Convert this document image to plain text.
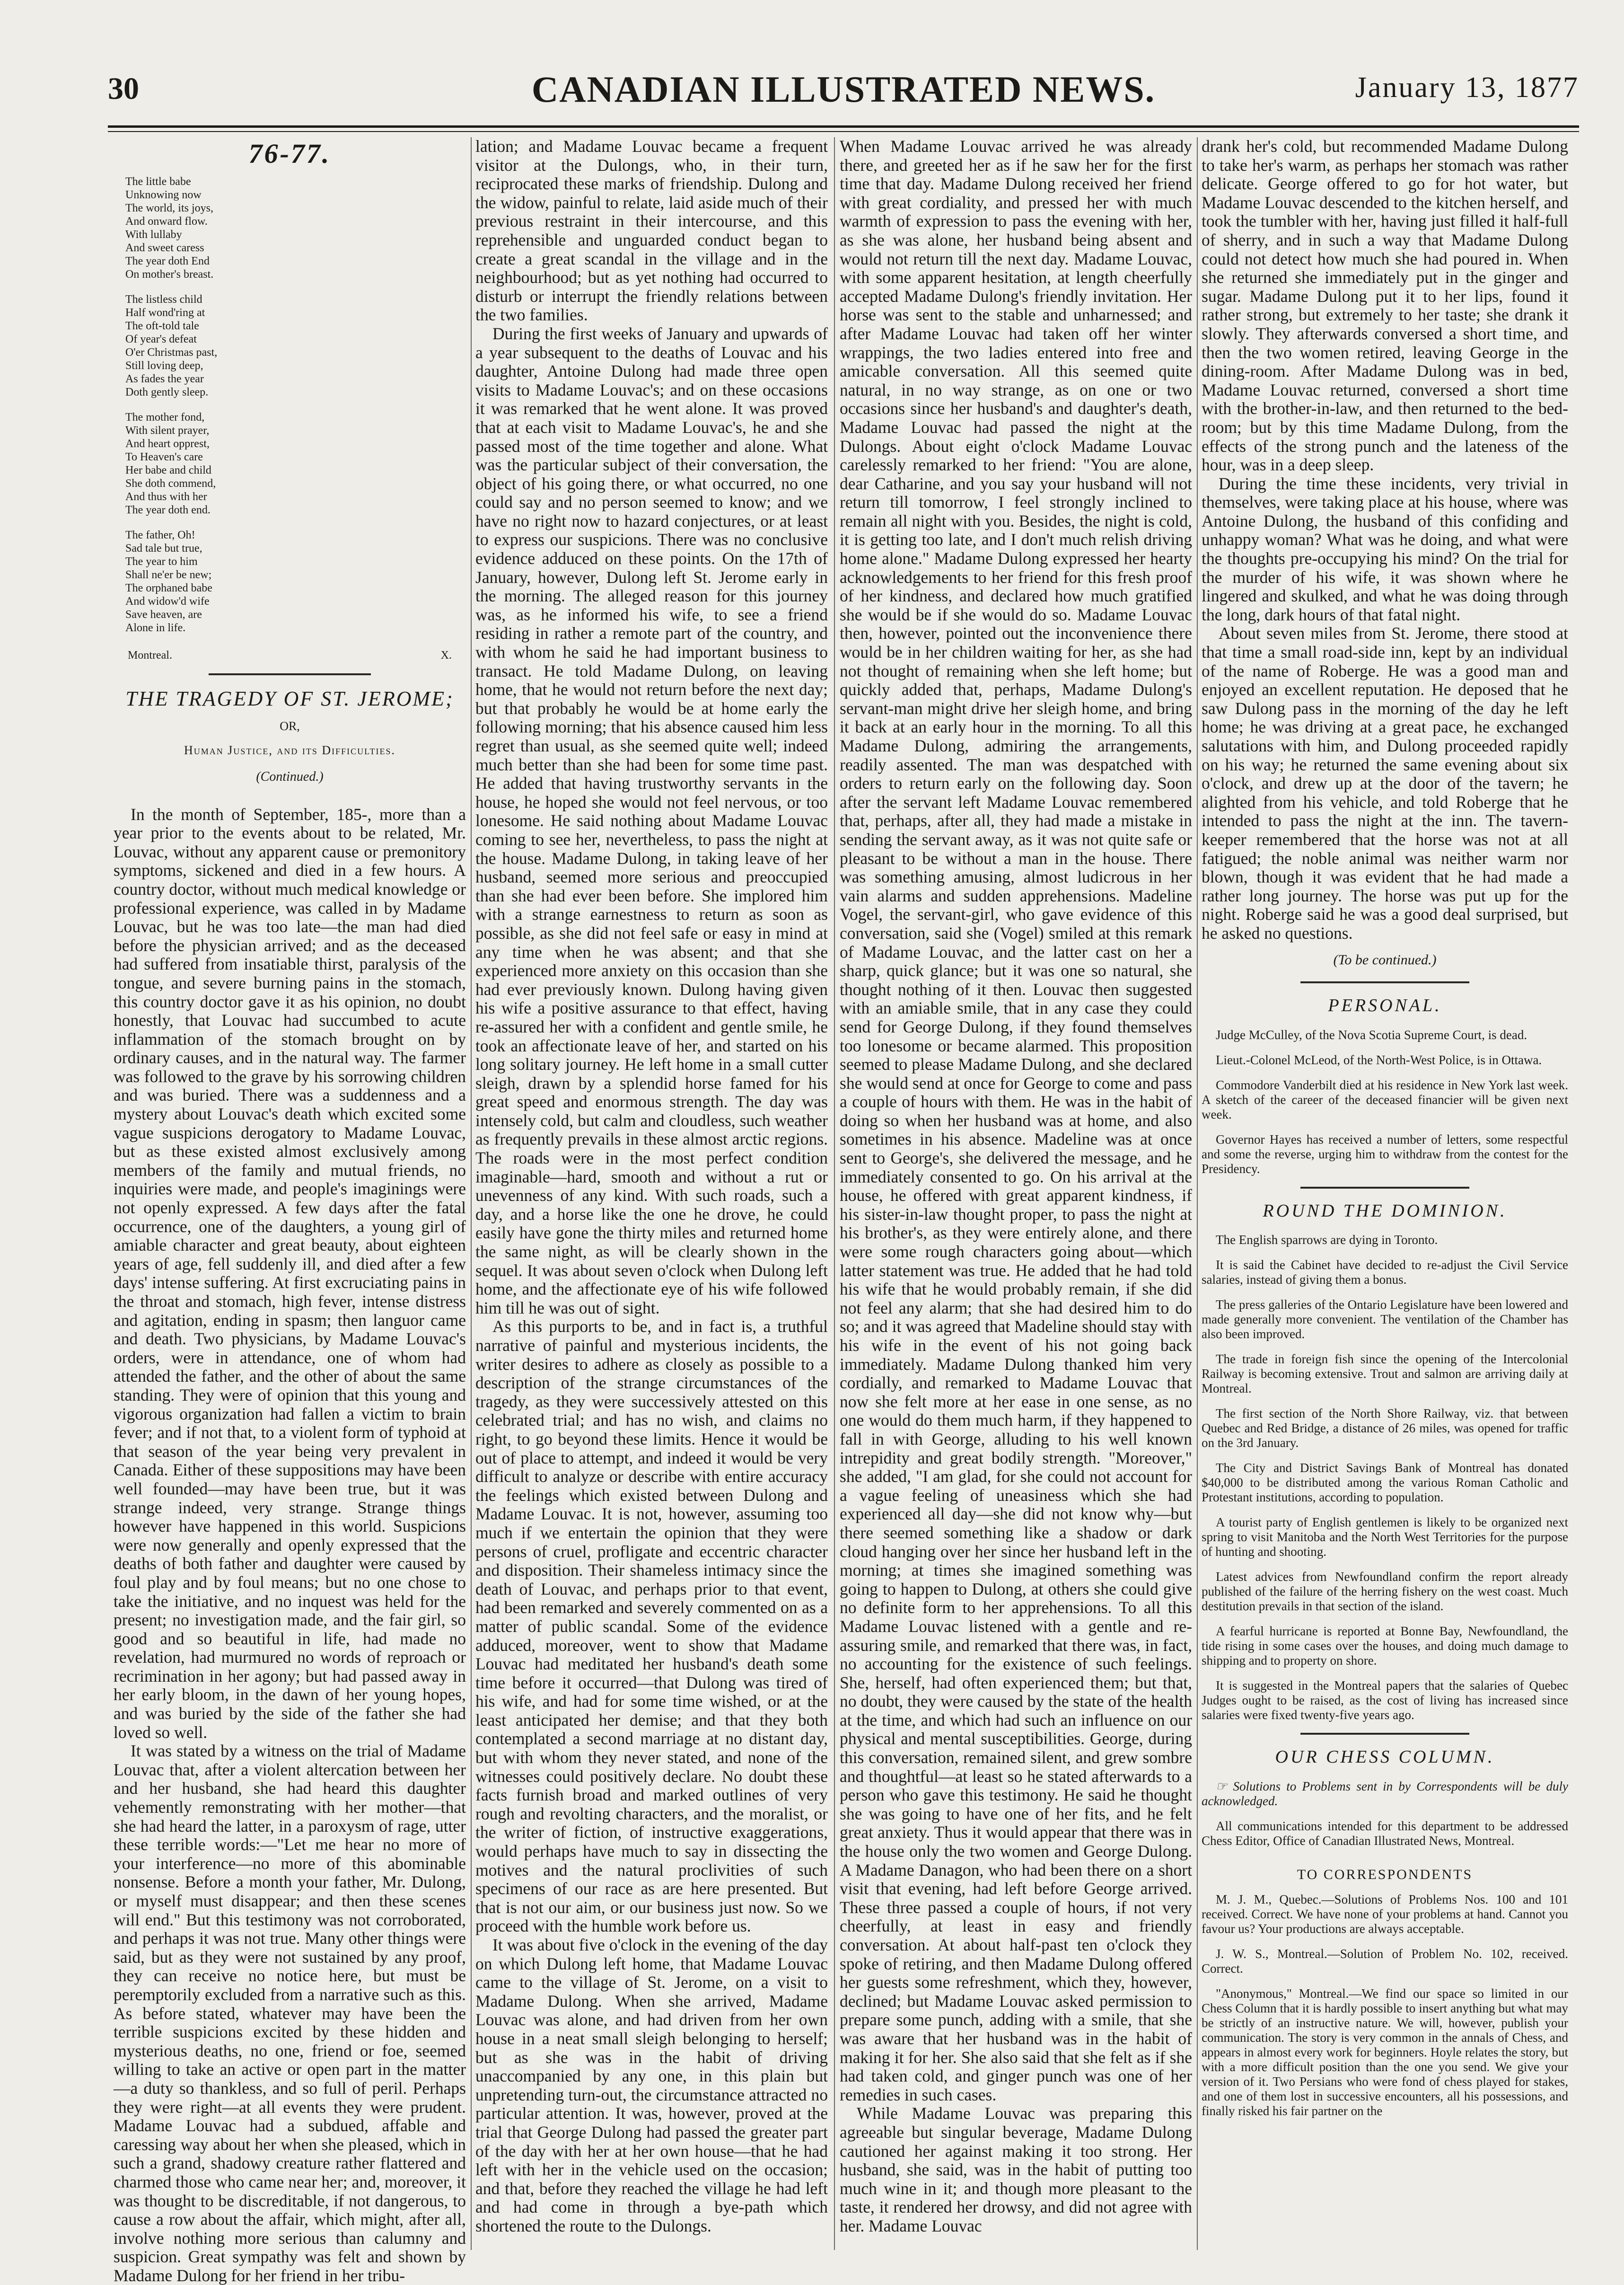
30	CANADIAN ILLUSTRATED NEWS.	January 13, 1877
76-77.
The little babe
Unknowing now
The world, its joys,
And onward flow.
With lullaby
And sweet caress
The year doth End
On mother's breast.
The listless child
Half wond'ring at
The oft-told tale
Of year's defeat
O'er Christmas past,
Still loving deep,
As fades the year
Doth gently sleep.
The mother fond,
With silent prayer,
And heart opprest,
To Heaven's care
Her babe and child
She doth commend,
And thus with her
The year doth end.
The father, Oh!
Sad tale but true,
The year to him
Shall ne'er be new;
The orphaned babe
And widow'd wife
Save heaven, are
Alone in life.
Montreal.	X.
THE TRAGEDY OF ST. JEROME;
OR,
Human Justice, and its Difficulties.
(Continued.)

In the month of September, 185-, more than a year prior to the events about to be related, Mr. Louvac, without any apparent cause or premonitory symptoms, sickened and died in a few hours. A country doctor, without much medical knowledge or professional experience, was called in by Madame Louvac, but he was too late—the man had died before the physician arrived; and as the deceased had suffered from insatiable thirst, paralysis of the tongue, and severe burning pains in the stomach, this country doctor gave it as his opinion, no doubt honestly, that Louvac had succumbed to acute inflammation of the stomach brought on by ordinary causes, and in the natural way. The farmer was followed to the grave by his sorrowing children and was buried. There was a suddenness and a mystery about Louvac's death which excited some vague suspicions derogatory to Madame Louvac, but as these existed almost exclusively among members of the family and mutual friends, no inquiries were made, and people's imaginings were not openly expressed. A few days after the fatal occurrence, one of the daughters, a young girl of amiable character and great beauty, about eighteen years of age, fell suddenly ill, and died after a few days' intense suffering. At first excruciating pains in the throat and stomach, high fever, intense distress and agitation, ending in spasm; then languor came and death. Two physicians, by Madame Louvac's orders, were in attendance, one of whom had attended the father, and the other of about the same standing. They were of opinion that this young and vigorous organization had fallen a victim to brain fever; and if not that, to a violent form of typhoid at that season of the year being very prevalent in Canada. Either of these suppositions may have been well founded—may have been true, but it was strange indeed, very strange. Strange things however have happened in this world. Suspicions were now generally and openly expressed that the deaths of both father and daughter were caused by foul play and by foul means; but no one chose to take the initiative, and no inquest was held for the present; no investigation made, and the fair girl, so good and so beautiful in life, had made no revelation, had murmured no words of reproach or recrimination in her agony; but had passed away in her early bloom, in the dawn of her young hopes, and was buried by the side of the father she had loved so well.

It was stated by a witness on the trial of Madame Louvac that, after a violent altercation between her and her husband, she had heard this daughter vehemently remonstrating with her mother—that she had heard the latter, in a paroxysm of rage, utter these terrible words:—"Let me hear no more of your interference—no more of this abominable nonsense. Before a month your father, Mr. Dulong, or myself must disappear; and then these scenes will end." But this testimony was not corroborated, and perhaps it was not true. Many other things were said, but as they were not sustained by any proof, they can receive no notice here, but must be peremptorily excluded from a narrative such as this. As before stated, whatever may have been the terrible suspicions excited by these hidden and mysterious deaths, no one, friend or foe, seemed willing to take an active or open part in the matter—a duty so thankless, and so full of peril. Perhaps they were right—at all events they were prudent. Madame Louvac had a subdued, affable and caressing way about her when she pleased, which in such a grand, shadowy creature rather flattered and charmed those who came near her; and, moreover, it was thought to be discreditable, if not dangerous, to cause a row about the affair, which might, after all, involve nothing more serious than calumny and suspicion. Great sympathy was felt and shown by Madame Dulong for her friend in her tribu-

lation; and Madame Louvac became a frequent visitor at the Dulongs, who, in their turn, reciprocated these marks of friendship. Dulong and the widow, painful to relate, laid aside much of their previous restraint in their intercourse, and this reprehensible and unguarded conduct began to create a great scandal in the village and in the neighbourhood; but as yet nothing had occurred to disturb or interrupt the friendly relations between the two families.

During the first weeks of January and upwards of a year subsequent to the deaths of Louvac and his daughter, Antoine Dulong had made three open visits to Madame Louvac's; and on these occasions it was remarked that he went alone. It was proved that at each visit to Madame Louvac's, he and she passed most of the time together and alone. What was the particular subject of their conversation, the object of his going there, or what occurred, no one could say and no person seemed to know; and we have no right now to hazard conjectures, or at least to express our suspicions. There was no conclusive evidence adduced on these points. On the 17th of January, however, Dulong left St. Jerome early in the morning. The alleged reason for this journey was, as he informed his wife, to see a friend residing in rather a remote part of the country, and with whom he said he had important business to transact. He told Madame Dulong, on leaving home, that he would not return before the next day; but that probably he would be at home early the following morning; that his absence caused him less regret than usual, as she seemed quite well; indeed much better than she had been for some time past. He added that having trustworthy servants in the house, he hoped she would not feel nervous, or too lonesome. He said nothing about Madame Louvac coming to see her, nevertheless, to pass the night at the house. Madame Dulong, in taking leave of her husband, seemed more serious and preoccupied than she had ever been before. She implored him with a strange earnestness to return as soon as possible, as she did not feel safe or easy in mind at any time when he was absent; and that she experienced more anxiety on this occasion than she had ever previously known. Dulong having given his wife a positive assurance to that effect, having re-assured her with a confident and gentle smile, he took an affectionate leave of her, and started on his long solitary journey. He left home in a small cutter sleigh, drawn by a splendid horse famed for his great speed and enormous strength. The day was intensely cold, but calm and cloudless, such weather as frequently prevails in these almost arctic regions. The roads were in the most perfect condition imaginable—hard, smooth and without a rut or unevenness of any kind. With such roads, such a day, and a horse like the one he drove, he could easily have gone the thirty miles and returned home the same night, as will be clearly shown in the sequel. It was about seven o'clock when Dulong left home, and the affectionate eye of his wife followed him till he was out of sight.

As this purports to be, and in fact is, a truthful narrative of painful and mysterious incidents, the writer desires to adhere as closely as possible to a description of the strange circumstances of the tragedy, as they were successively attested on this celebrated trial; and has no wish, and claims no right, to go beyond these limits. Hence it would be out of place to attempt, and indeed it would be very difficult to analyze or describe with entire accuracy the feelings which existed between Dulong and Madame Louvac. It is not, however, assuming too much if we entertain the opinion that they were persons of cruel, profligate and eccentric character and disposition. Their shameless intimacy since the death of Louvac, and perhaps prior to that event, had been remarked and severely commented on as a matter of public scandal. Some of the evidence adduced, moreover, went to show that Madame Louvac had meditated her husband's death some time before it occurred—that Dulong was tired of his wife, and had for some time wished, or at the least anticipated her demise; and that they both contemplated a second marriage at no distant day, but with whom they never stated, and none of the witnesses could positively declare. No doubt these facts furnish broad and marked outlines of very rough and revolting characters, and the moralist, or the writer of fiction, of instructive exaggerations, would perhaps have much to say in dissecting the motives and the natural proclivities of such specimens of our race as are here presented. But that is not our aim, or our business just now. So we proceed with the humble work before us.

It was about five o'clock in the evening of the day on which Dulong left home, that Madame Louvac came to the village of St. Jerome, on a visit to Madame Dulong. When she arrived, Madame Louvac was alone, and had driven from her own house in a neat small sleigh belonging to herself; but as she was in the habit of driving unaccompanied by any one, in this plain but unpretending turn-out, the circumstance attracted no particular attention. It was, however, proved at the trial that George Dulong had passed the greater part of the day with her at her own house—that he had left with her in the vehicle used on the occasion; and that, before they reached the village he had left and had come in through a bye-path which shortened the route to the Dulongs.

When Madame Louvac arrived he was already there, and greeted her as if he saw her for the first time that day. Madame Dulong received her friend with great cordiality, and pressed her with much warmth of expression to pass the evening with her, as she was alone, her husband being absent and would not return till the next day. Madame Louvac, with some apparent hesitation, at length cheerfully accepted Madame Dulong's friendly invitation. Her horse was sent to the stable and unharnessed; and after Madame Louvac had taken off her winter wrappings, the two ladies entered into free and amicable conversation. All this seemed quite natural, in no way strange, as on one or two occasions since her husband's and daughter's death, Madame Louvac had passed the night at the Dulongs. About eight o'clock Madame Louvac carelessly remarked to her friend: "You are alone, dear Catharine, and you say your husband will not return till tomorrow, I feel strongly inclined to remain all night with you. Besides, the night is cold, it is getting too late, and I don't much relish driving home alone." Madame Dulong expressed her hearty acknowledgements to her friend for this fresh proof of her kindness, and declared how much gratified she would be if she would do so. Madame Louvac then, however, pointed out the inconvenience there would be in her children waiting for her, as she had not thought of remaining when she left home; but quickly added that, perhaps, Madame Dulong's servant-man might drive her sleigh home, and bring it back at an early hour in the morning. To all this Madame Dulong, admiring the arrangements, readily assented. The man was despatched with orders to return early on the following day. Soon after the servant left Madame Louvac remembered that, perhaps, after all, they had made a mistake in sending the servant away, as it was not quite safe or pleasant to be without a man in the house. There was something amusing, almost ludicrous in her vain alarms and sudden apprehensions. Madeline Vogel, the servant-girl, who gave evidence of this conversation, said she (Vogel) smiled at this remark of Madame Louvac, and the latter cast on her a sharp, quick glance; but it was one so natural, she thought nothing of it then. Louvac then suggested with an amiable smile, that in any case they could send for George Dulong, if they found themselves too lonesome or became alarmed. This proposition seemed to please Madame Dulong, and she declared she would send at once for George to come and pass a couple of hours with them. He was in the habit of doing so when her husband was at home, and also sometimes in his absence. Madeline was at once sent to George's, she delivered the message, and he immediately consented to go. On his arrival at the house, he offered with great apparent kindness, if his sister-in-law thought proper, to pass the night at his brother's, as they were entirely alone, and there were some rough characters going about—which latter statement was true. He added that he had told his wife that he would probably remain, if she did not feel any alarm; that she had desired him to do so; and it was agreed that Madeline should stay with his wife in the event of his not going back immediately. Madame Dulong thanked him very cordially, and remarked to Madame Louvac that now she felt more at her ease in one sense, as no one would do them much harm, if they happened to fall in with George, alluding to his well known intrepidity and great bodily strength. "Moreover," she added, "I am glad, for she could not account for a vague feeling of uneasiness which she had experienced all day—she did not know why—but there seemed something like a shadow or dark cloud hanging over her since her husband left in the morning; at times she imagined something was going to happen to Dulong, at others she could give no definite form to her apprehensions. To all this Madame Louvac listened with a gentle and re-assuring smile, and remarked that there was, in fact, no accounting for the existence of such feelings. She, herself, had often experienced them; but that, no doubt, they were caused by the state of the health at the time, and which had such an influence on our physical and mental susceptibilities. George, during this conversation, remained silent, and grew sombre and thoughtful—at least so he stated afterwards to a person who gave this testimony. He said he thought she was going to have one of her fits, and he felt great anxiety. Thus it would appear that there was in the house only the two women and George Dulong. A Madame Danagon, who had been there on a short visit that evening, had left before George arrived. These three passed a couple of hours, if not very cheerfully, at least in easy and friendly conversation. At about half-past ten o'clock they spoke of retiring, and then Madame Dulong offered her guests some refreshment, which they, however, declined; but Madame Louvac asked permission to prepare some punch, adding with a smile, that she was aware that her husband was in the habit of making it for her. She also said that she felt as if she had taken cold, and ginger punch was one of her remedies in such cases.

While Madame Louvac was preparing this agreeable but singular beverage, Madame Dulong cautioned her against making it too strong. Her husband, she said, was in the habit of putting too much wine in it; and though more pleasant to the taste, it rendered her drowsy, and did not agree with her. Madame Louvac

drank her's cold, but recommended Madame Dulong to take her's warm, as perhaps her stomach was rather delicate. George offered to go for hot water, but Madame Louvac descended to the kitchen herself, and took the tumbler with her, having just filled it half-full of sherry, and in such a way that Madame Dulong could not detect how much she had poured in. When she returned she immediately put in the ginger and sugar. Madame Dulong put it to her lips, found it rather strong, but extremely to her taste; she drank it slowly. They afterwards conversed a short time, and then the two women retired, leaving George in the dining-room. After Madame Dulong was in bed, Madame Louvac returned, conversed a short time with the brother-in-law, and then returned to the bed-room; but by this time Madame Dulong, from the effects of the strong punch and the lateness of the hour, was in a deep sleep.

During the time these incidents, very trivial in themselves, were taking place at his house, where was Antoine Dulong, the husband of this confiding and unhappy woman? What was he doing, and what were the thoughts pre-occupying his mind? On the trial for the murder of his wife, it was shown where he lingered and skulked, and what he was doing through the long, dark hours of that fatal night.

About seven miles from St. Jerome, there stood at that time a small road-side inn, kept by an individual of the name of Roberge. He was a good man and enjoyed an excellent reputation. He deposed that he saw Dulong pass in the morning of the day he left home; he was driving at a great pace, he exchanged salutations with him, and Dulong proceeded rapidly on his way; he returned the same evening about six o'clock, and drew up at the door of the tavern; he alighted from his vehicle, and told Roberge that he intended to pass the night at the inn. The tavern-keeper remembered that the horse was not at all fatigued; the noble animal was neither warm nor blown, though it was evident that he had made a rather long journey. The horse was put up for the night. Roberge said he was a good deal surprised, but he asked no questions.

(To be continued.)
PERSONAL.

Judge McCulley, of the Nova Scotia Supreme Court, is dead.

Lieut.-Colonel McLeod, of the North-West Police, is in Ottawa.

Commodore Vanderbilt died at his residence in New York last week. A sketch of the career of the deceased financier will be given next week.

Governor Hayes has received a number of letters, some respectful and some the reverse, urging him to withdraw from the contest for the Presidency.

ROUND THE DOMINION.

The English sparrows are dying in Toronto.

It is said the Cabinet have decided to re-adjust the Civil Service salaries, instead of giving them a bonus.

The press galleries of the Ontario Legislature have been lowered and made generally more convenient. The ventilation of the Chamber has also been improved.

The trade in foreign fish since the opening of the Intercolonial Railway is becoming extensive. Trout and salmon are arriving daily at Montreal.

The first section of the North Shore Railway, viz. that between Quebec and Red Bridge, a distance of 26 miles, was opened for traffic on the 3rd January.

The City and District Savings Bank of Montreal has donated $40,000 to be distributed among the various Roman Catholic and Protestant institutions, according to population.

A tourist party of English gentlemen is likely to be organized next spring to visit Manitoba and the North West Territories for the purpose of hunting and shooting.

Latest advices from Newfoundland confirm the report already published of the failure of the herring fishery on the west coast. Much destitution prevails in that section of the island.

A fearful hurricane is reported at Bonne Bay, Newfoundland, the tide rising in some cases over the houses, and doing much damage to shipping and to property on shore.

It is suggested in the Montreal papers that the salaries of Quebec Judges ought to be raised, as the cost of living has increased since salaries were fixed twenty-five years ago.

OUR CHESS COLUMN.

☞ Solutions to Problems sent in by Correspondents will be duly acknowledged.

All communications intended for this department to be addressed Chess Editor, Office of Canadian Illustrated News, Montreal.

TO CORRESPONDENTS

M. J. M., Quebec.—Solutions of Problems Nos. 100 and 101 received. Correct. We have none of your problems at hand. Cannot you favour us? Your productions are always acceptable.

J. W. S., Montreal.—Solution of Problem No. 102, received. Correct.

"Anonymous," Montreal.—We find our space so limited in our Chess Column that it is hardly possible to insert anything but what may be strictly of an instructive nature. We will, however, publish your communication. The story is very common in the annals of Chess, and appears in almost every work for beginners. Hoyle relates the story, but with a more difficult position than the one you send. We give your version of it. Two Persians who were fond of chess played for stakes, and one of them lost in successive encounters, all his possessions, and finally risked his fair partner on the
